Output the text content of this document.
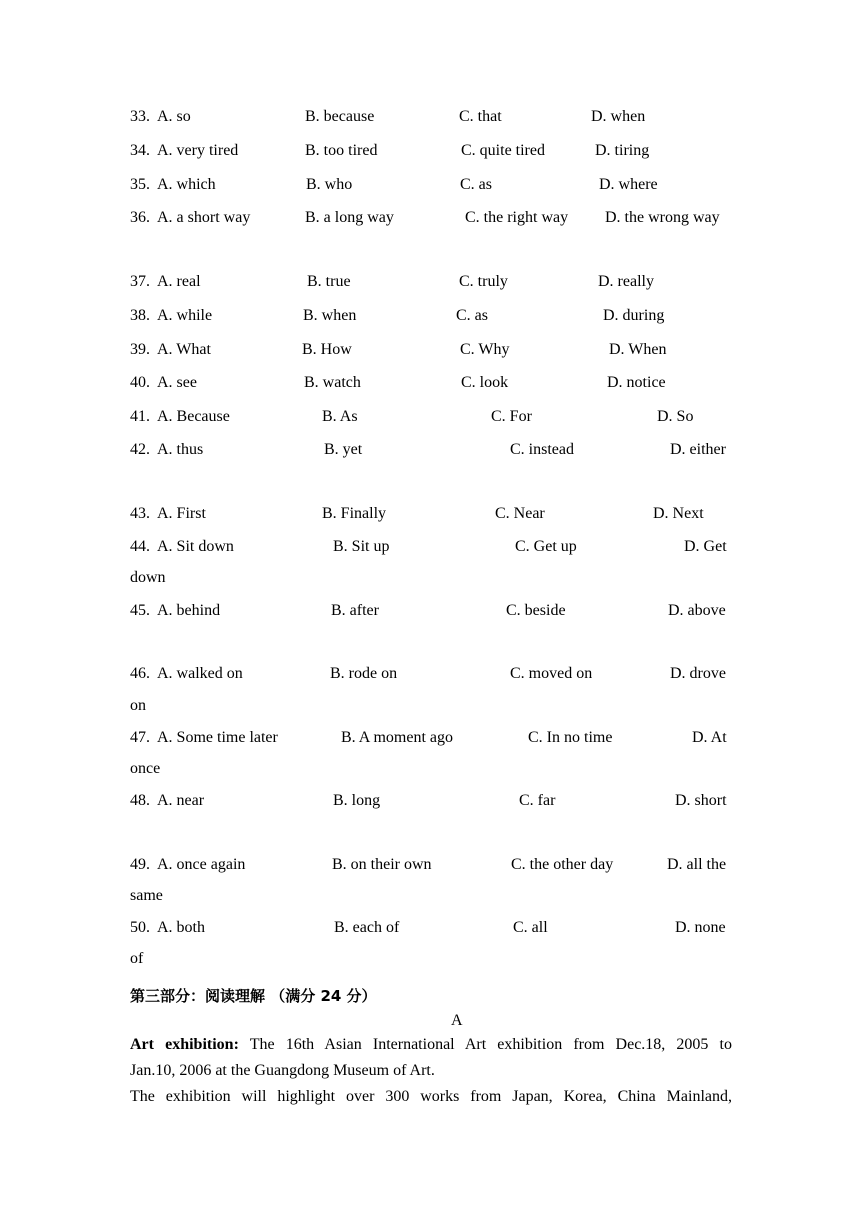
33. A. so	B. because	C. that	D. when
34. A. very tired	B. too tired	C. quite tired	D. tiring
35. A. which	B. who	C. as	D. where
36. A. a short way	B. a long way	C. the right way D. the wrong way
37. A. real	B. true	C. truly	D. really
38. A. while	B. when	C. as	D. during
39. A. What	B. How	C. Why	D. When
40. A. see	B. watch	C. look	D. notice
41. A. Because	B. As	C. For	D. So
42. A. thus	B. yet	C. instead	D. either
43. A. First	B. Finally	C. Near	D. Next
44. A. Sit down	B. Sit up	C. Get up	D. Get
down
45. A. behind	B. after	C. beside	D. above
46. A. walked on	B. rode on	C. moved on	D. drove
on
47. A. Some time later	B. A moment ago	C. In no time	D. At
once
48. A. near	B. long	C. far	D. short
49. A. once again	B. on their own	C. the other day	D. all the
same
50. A. both	B. each of	C. all	D. none
of
第三部分：阅读理解 （满分 24 分）
A
Art exhibition: The 16th Asian International Art exhibition from Dec.18, 2005 to
Jan.10, 2006 at the Guangdong Museum of Art.
The exhibition will highlight over 300 works from Japan, Korea, China Mainland,
